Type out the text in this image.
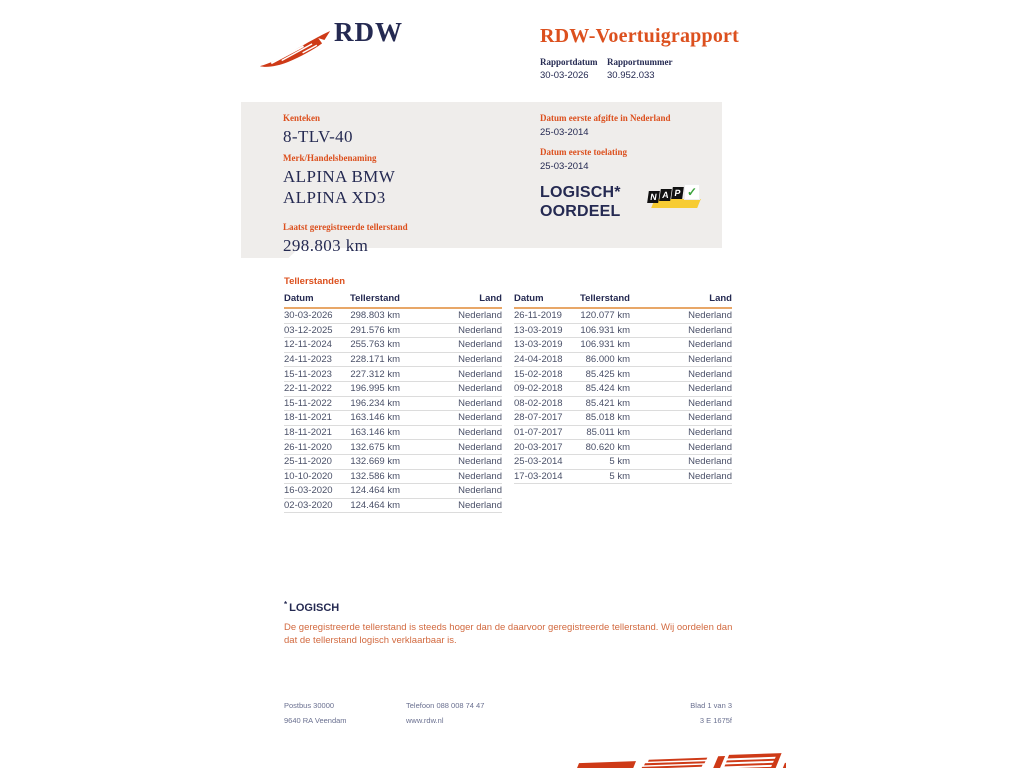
RDW	RDW-Voertuigrapport
Rapportdatum
30-03-2026
Rapportnummer
30.952.033
Kenteken
8-TLV-40
Merk/Handelsbenaming
ALPINA BMW
ALPINA XD3
Laatst geregistreerde tellerstand
298.803 km
Datum eerste afgifte in Nederland
25-03-2014
Datum eerste toelating
25-03-2014
LOGISCH*
OORDEEL
N A P ✓
Tellerstanden
Datum	Tellerstand	Land
30-03-2026	298.803 km	Nederland
03-12-2025	291.576 km	Nederland
12-11-2024	255.763 km	Nederland
24-11-2023	228.171 km	Nederland
15-11-2023	227.312 km	Nederland
22-11-2022	196.995 km	Nederland
15-11-2022	196.234 km	Nederland
18-11-2021	163.146 km	Nederland
18-11-2021	163.146 km	Nederland
26-11-2020	132.675 km	Nederland
25-11-2020	132.669 km	Nederland
10-10-2020	132.586 km	Nederland
16-03-2020	124.464 km	Nederland
02-03-2020	124.464 km	Nederland
Datum	Tellerstand	Land
26-11-2019	120.077 km	Nederland
13-03-2019	106.931 km	Nederland
13-03-2019	106.931 km	Nederland
24-04-2018	86.000 km	Nederland
15-02-2018	85.425 km	Nederland
09-02-2018	85.424 km	Nederland
08-02-2018	85.421 km	Nederland
28-07-2017	85.018 km	Nederland
01-07-2017	85.011 km	Nederland
20-03-2017	80.620 km	Nederland
25-03-2014	5 km	Nederland
17-03-2014	5 km	Nederland
* LOGISCH
De geregistreerde tellerstand is steeds hoger dan de daarvoor geregistreerde tellerstand. Wij oordelen dan dat de tellerstand logisch verklaarbaar is.
Postbus 30000
9640 RA Veendam
Telefoon 088 008 74 47
www.rdw.nl
Blad 1 van 3
3 E 1675f
